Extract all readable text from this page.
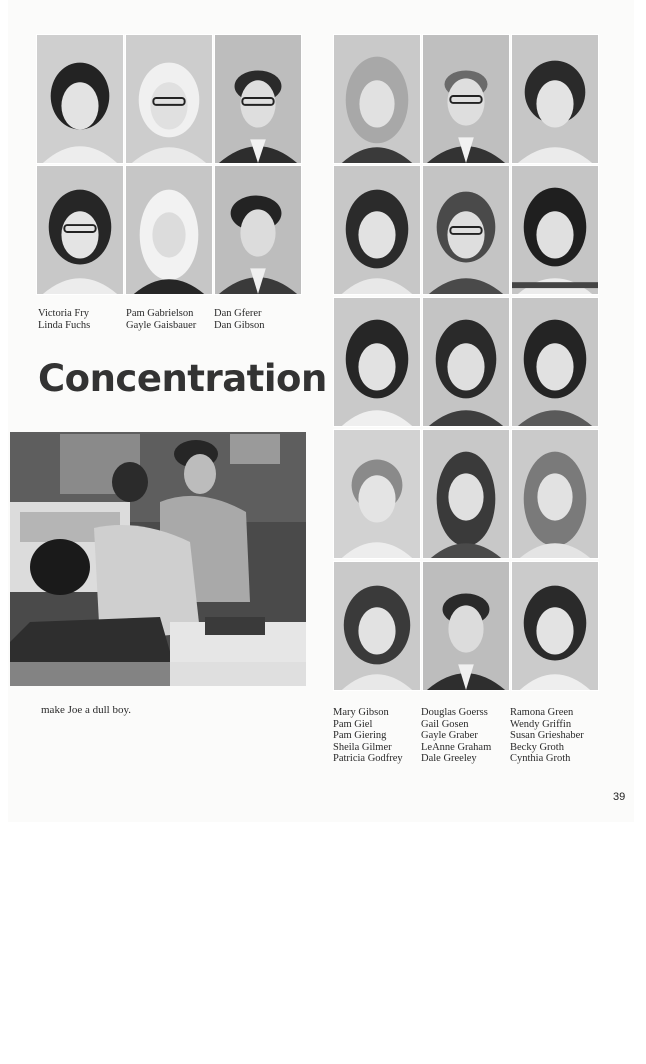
Victoria Fry
Linda Fuchs
Pam Gabrielson
Gayle Gaisbauer
Dan Gferer
Dan Gibson
Concentration
make Joe a dull boy.	Mary Gibson
Pam Giel
Pam Giering
Sheila Gilmer
Patricia Godfrey
Douglas Goerss
Gail Gosen
Gayle Graber
LeAnne Graham
Dale Greeley
Ramona Green
Wendy Griffin
Susan Grieshaber
Becky Groth
Cynthia Groth
39
